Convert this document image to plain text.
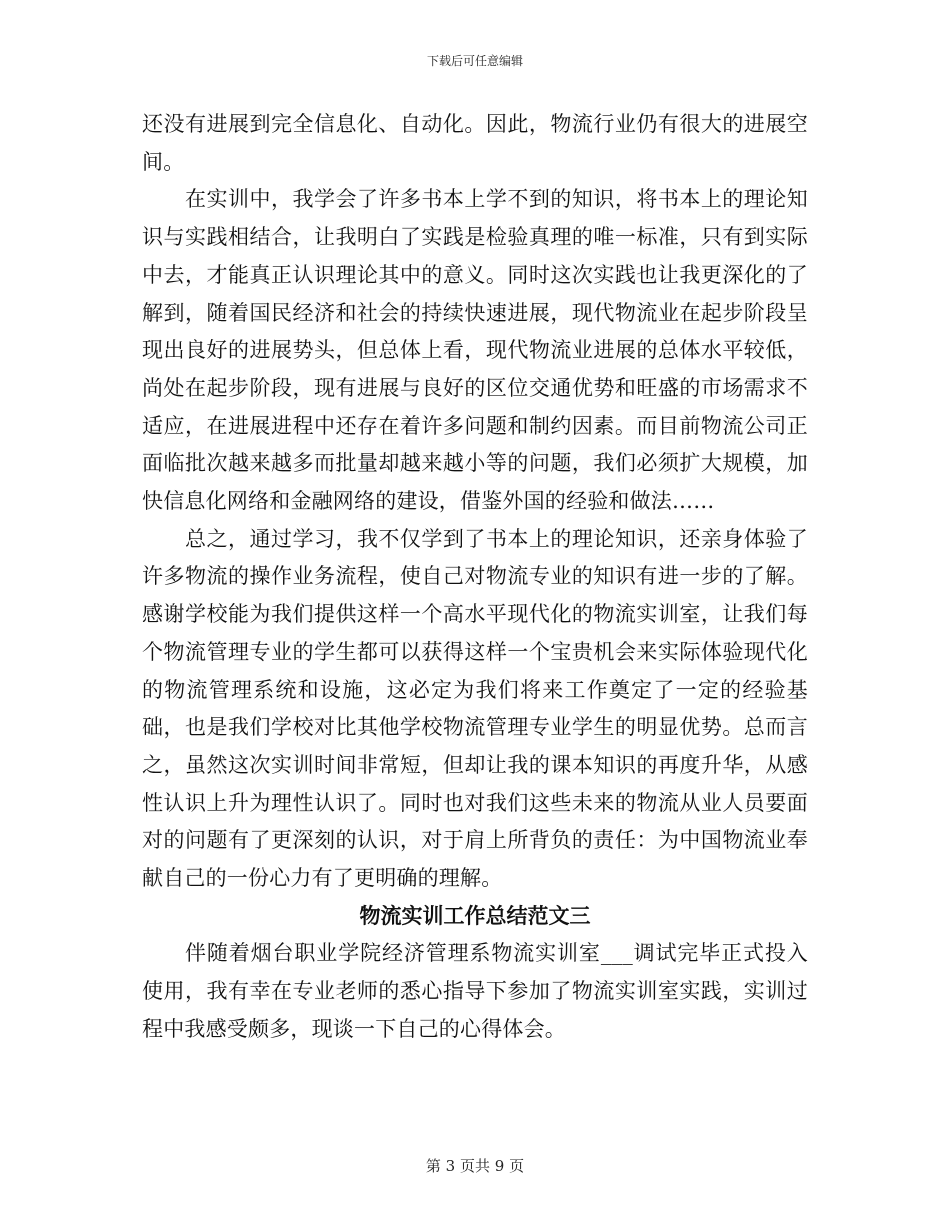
下载后可任意编辑

还没有进展到完全信息化、自动化。因此，物流行业仍有很大的进展空间。

在实训中，我学会了许多书本上学不到的知识，将书本上的理论知识与实践相结合，让我明白了实践是检验真理的唯一标准，只有到实际中去，才能真正认识理论其中的意义。同时这次实践也让我更深化的了解到，随着国民经济和社会的持续快速进展，现代物流业在起步阶段呈现出良好的进展势头，但总体上看，现代物流业进展的总体水平较低，尚处在起步阶段，现有进展与良好的区位交通优势和旺盛的市场需求不适应，在进展进程中还存在着许多问题和制约因素。而目前物流公司正面临批次越来越多而批量却越来越小等的问题，我们必须扩大规模，加快信息化网络和金融网络的建设，借鉴外国的经验和做法……

总之，通过学习，我不仅学到了书本上的理论知识，还亲身体验了许多物流的操作业务流程，使自己对物流专业的知识有进一步的了解。感谢学校能为我们提供这样一个高水平现代化的物流实训室，让我们每个物流管理专业的学生都可以获得这样一个宝贵机会来实际体验现代化的物流管理系统和设施，这必定为我们将来工作奠定了一定的经验基础，也是我们学校对比其他学校物流管理专业学生的明显优势。总而言之，虽然这次实训时间非常短，但却让我的课本知识的再度升华，从感性认识上升为理性认识了。同时也对我们这些未来的物流从业人员要面对的问题有了更深刻的认识，对于肩上所背负的责任：为中国物流业奉献自己的一份心力有了更明确的理解。

物流实训工作总结范文三

伴随着烟台职业学院经济管理系物流实训室___调试完毕正式投入使用，我有幸在专业老师的悉心指导下参加了物流实训室实践，实训过程中我感受颇多，现谈一下自己的心得体会。

第 3 页共 9 页
